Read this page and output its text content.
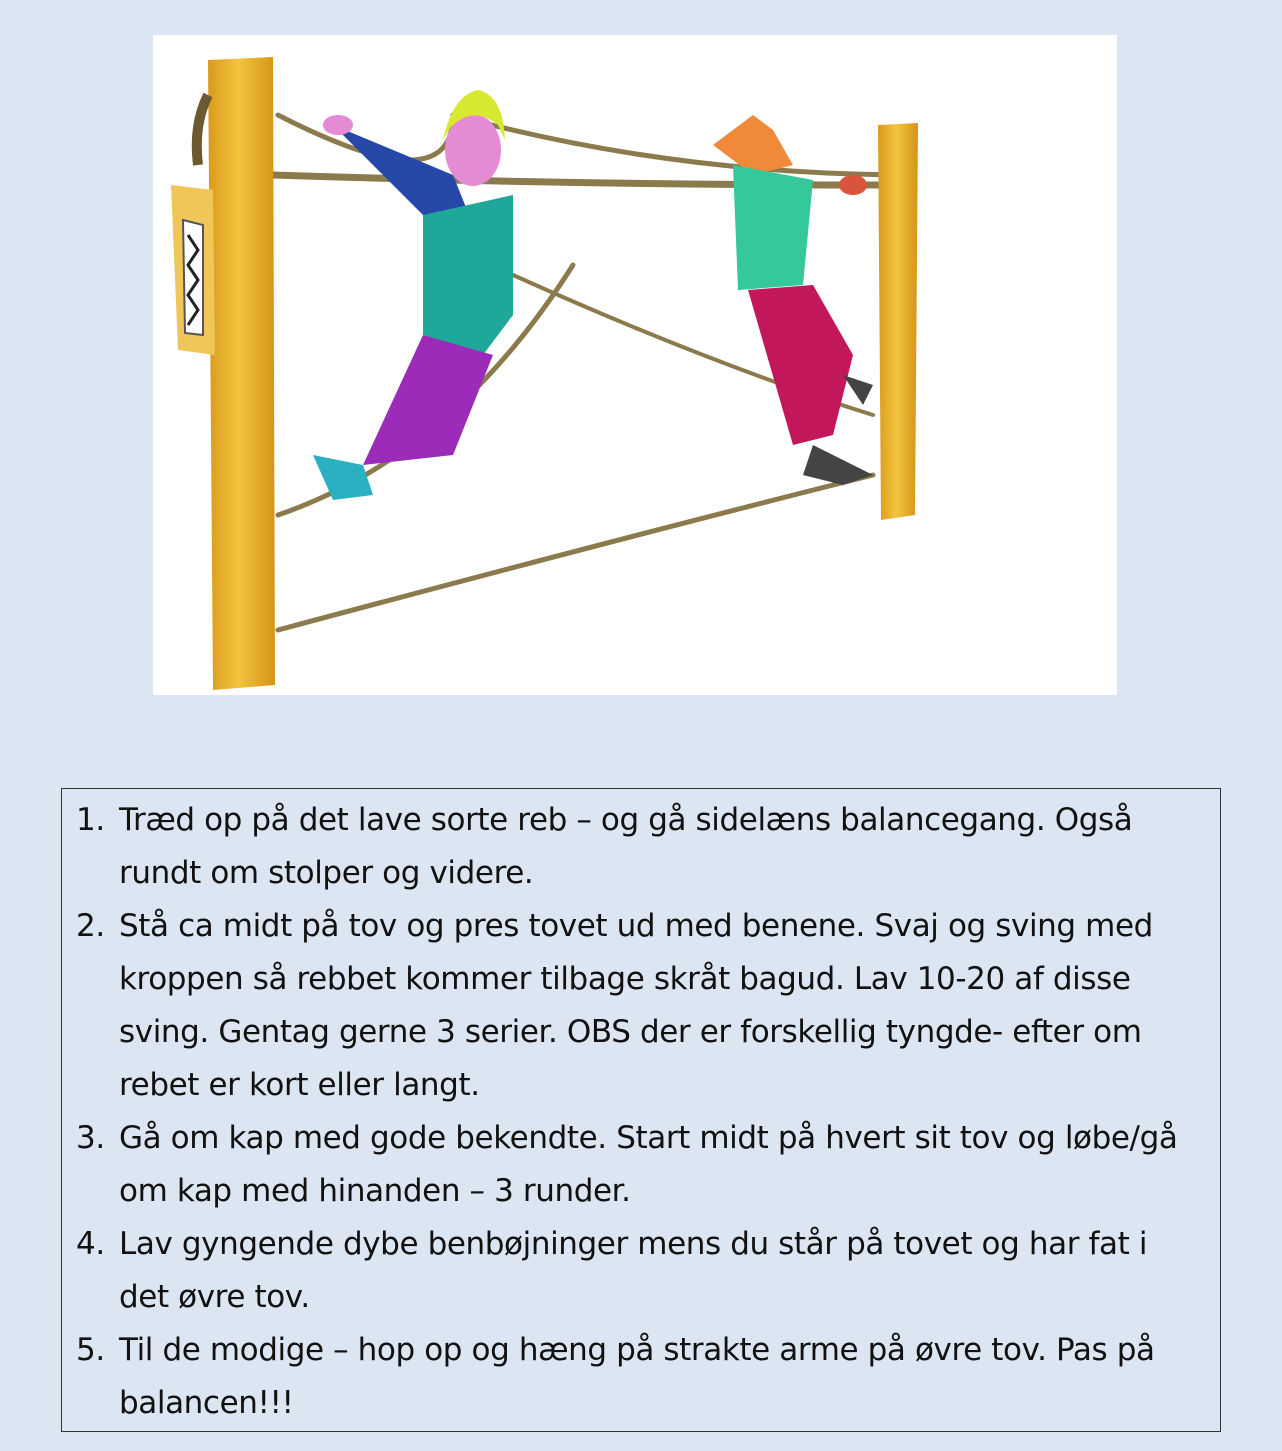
1. Træd op på det lave sorte reb – og gå sidelæns balancegang. Også rundt om stolper og videre.
2. Stå ca midt på tov og pres tovet ud med benene. Svaj og sving med kroppen så rebbet kommer tilbage skråt bagud. Lav 10-20 af disse sving. Gentag gerne 3 serier. OBS der er forskellig tyngde- efter om rebet er kort eller langt.
3. Gå om kap med gode bekendte. Start midt på hvert sit tov og løbe/gå om kap med hinanden – 3 runder.
4. Lav gyngende dybe benbøjninger mens du står på tovet og har fat i det øvre tov.
5. Til de modige – hop op og hæng på strakte arme på øvre tov. Pas på balancen!!!
